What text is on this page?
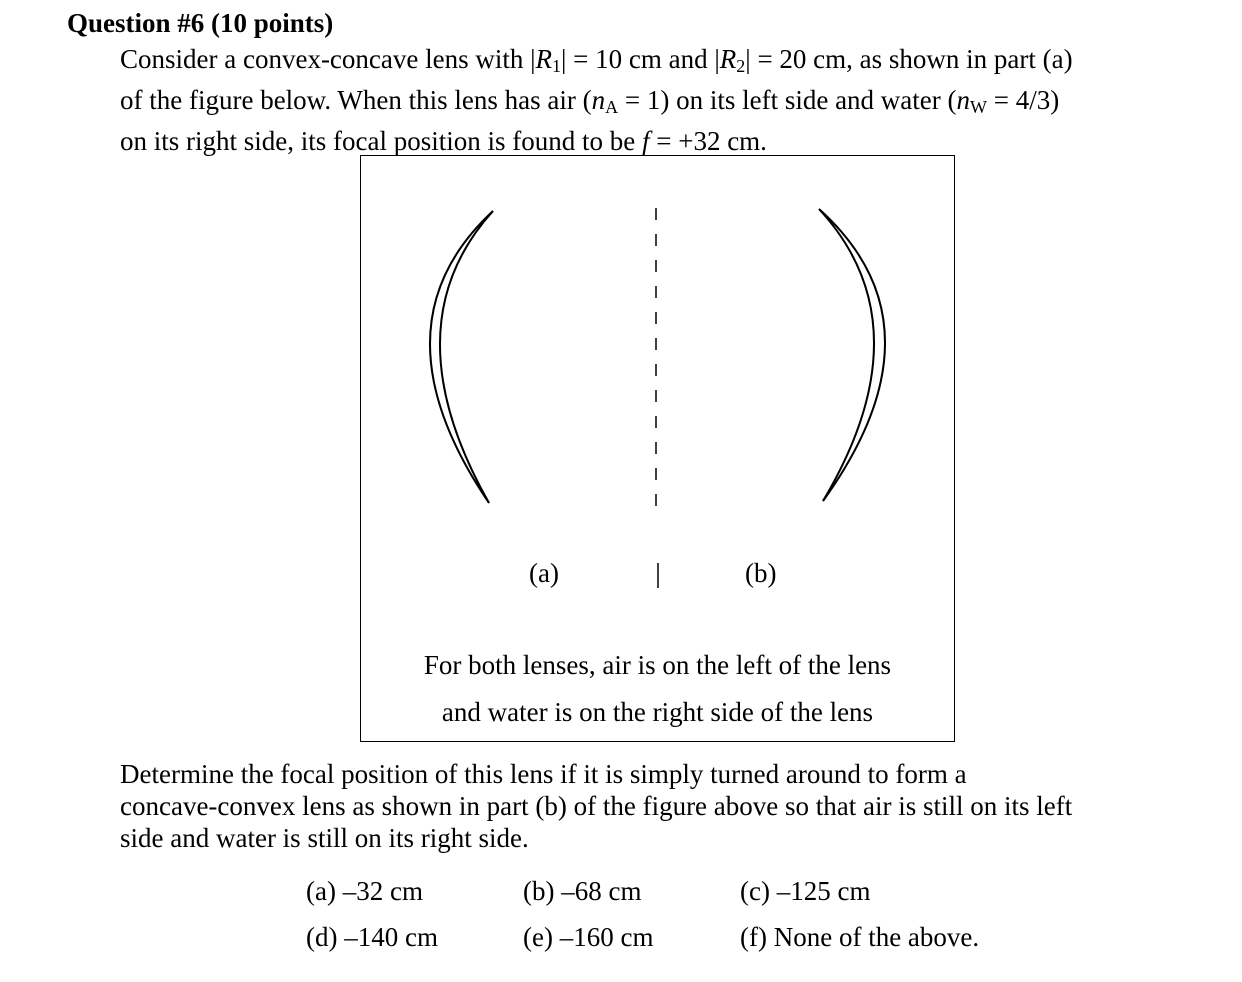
Question #6 (10 points)
Consider a convex-concave lens with $|R_1| = 10$ cm and $|R_2| = 20$ cm, as shown in part (a)
of the figure below. When this lens has air $(n_A = 1)$ on its left side and water $(n_W = 4/3)$
on its right side, its focal position is found to be f = +32 cm.
(a)	(b)
For both lenses, air is on the left of the lens
and water is on the right side of the lens
Determine the focal position of this lens if it is simply turned around to form a
concave-convex lens as shown in part (b) of the figure above so that air is still on its left
side and water is still on its right side.
(a) –32 cm	(b) –68 cm	(c) –125 cm
(d) –140 cm	(e) –160 cm	(f) None of the above.
